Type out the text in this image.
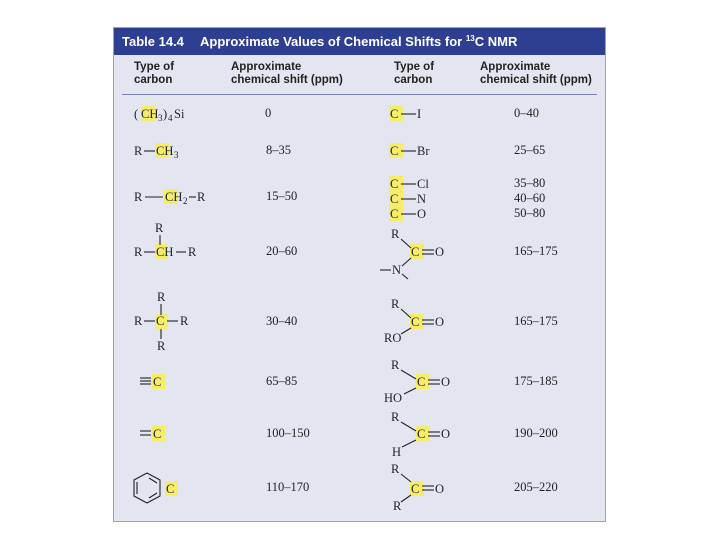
Table 14.4 Approximate Values of Chemical Shifts for $^{13}$C NMR
Type of
carbon
Approximate
chemical shift (ppm)
Type of
carbon
Approximate
chemical shift (ppm)
( CH 3 ) 4 Si
R CH 3
R CH 2 R
R
R CH R
R
R C R
R
C
C
C
C I
C Br
C Cl
C N
C O
R
C O
N
R
C O
RO
R
C O
HO
R
C O
H
R
C O
R
0
8–35
15–50
20–60
30–40
65–85
100–150
110–170
0–40
25–65
35–80
40–60
50–80
165–175
165–175
175–185
190–200
205–220
